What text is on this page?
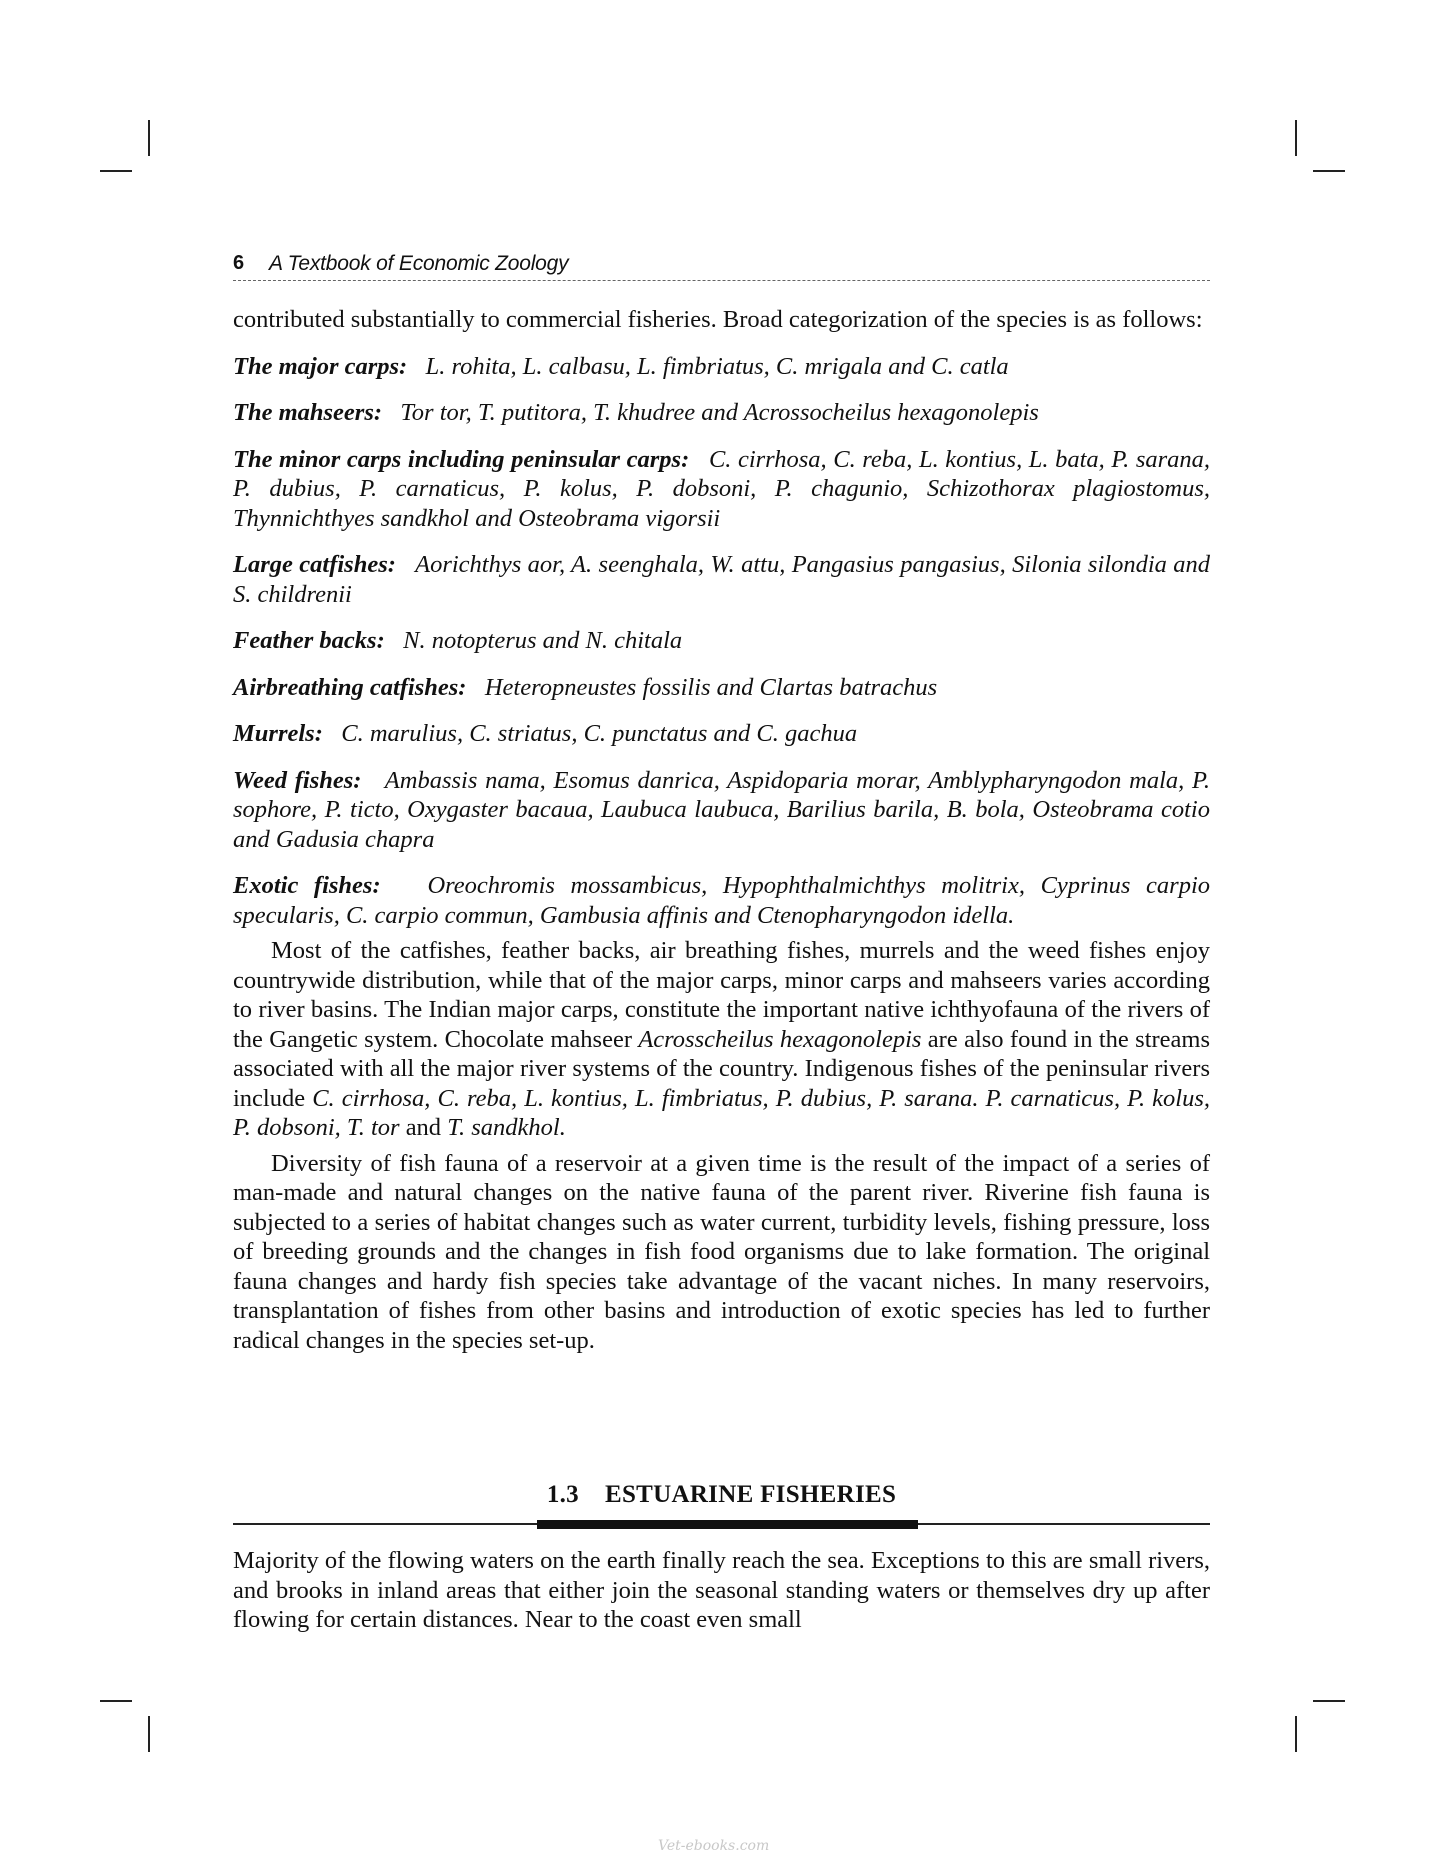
6 A Textbook of Economic Zoology

contributed substantially to commercial fisheries. Broad categorization of the species is as follows:

The major carps: L. rohita, L. calbasu, L. fimbriatus, C. mrigala and C. catla

The mahseers: Tor tor, T. putitora, T. khudree and Acrossocheilus hexagonolepis

The minor carps including peninsular carps: C. cirrhosa, C. reba, L. kontius, L. bata, P. sarana, P. dubius, P. carnaticus, P. kolus, P. dobsoni, P. chagunio, Schizothorax plagiostomus, Thynnichthyes sandkhol and Osteobrama vigorsii

Large catfishes: Aorichthys aor, A. seenghala, W. attu, Pangasius pangasius, Silonia silondia and S. childrenii

Feather backs: N. notopterus and N. chitala

Airbreathing catfishes: Heteropneustes fossilis and Clartas batrachus

Murrels: C. marulius, C. striatus, C. punctatus and C. gachua

Weed fishes: Ambassis nama, Esomus danrica, Aspidoparia morar, Amblypharyngodon mala, P. sophore, P. ticto, Oxygaster bacaua, Laubuca laubuca, Barilius barila, B. bola, Osteobrama cotio and Gadusia chapra

Exotic fishes: Oreochromis mossambicus, Hypophthalmichthys molitrix, Cyprinus carpio specularis, C. carpio commun, Gambusia affinis and Ctenopharyngodon idella.

Most of the catfishes, feather backs, air breathing fishes, murrels and the weed fishes enjoy countrywide distribution, while that of the major carps, minor carps and mahseers varies according to river basins. The Indian major carps, constitute the important native ichthyofauna of the rivers of the Gangetic system. Chocolate mahseer Acrosscheilus hexagonolepis are also found in the streams associated with all the major river systems of the country. Indigenous fishes of the peninsular rivers include C. cirrhosa, C. reba, L. kontius, L. fimbriatus, P. dubius, P. sarana. P. carnaticus, P. kolus, P. dobsoni, T. tor and T. sandkhol.

Diversity of fish fauna of a reservoir at a given time is the result of the impact of a series of man-made and natural changes on the native fauna of the parent river. Riverine fish fauna is subjected to a series of habitat changes such as water current, turbidity levels, fishing pressure, loss of breeding grounds and the changes in fish food organisms due to lake formation. The original fauna changes and hardy fish species take advantage of the vacant niches. In many reservoirs, transplantation of fishes from other basins and introduction of exotic species has led to further radical changes in the species set-up.

1.3 ESTUARINE FISHERIES

Majority of the flowing waters on the earth finally reach the sea. Exceptions to this are small rivers, and brooks in inland areas that either join the seasonal standing waters or themselves dry up after flowing for certain distances. Near to the coast even small

Vet-ebooks.com
